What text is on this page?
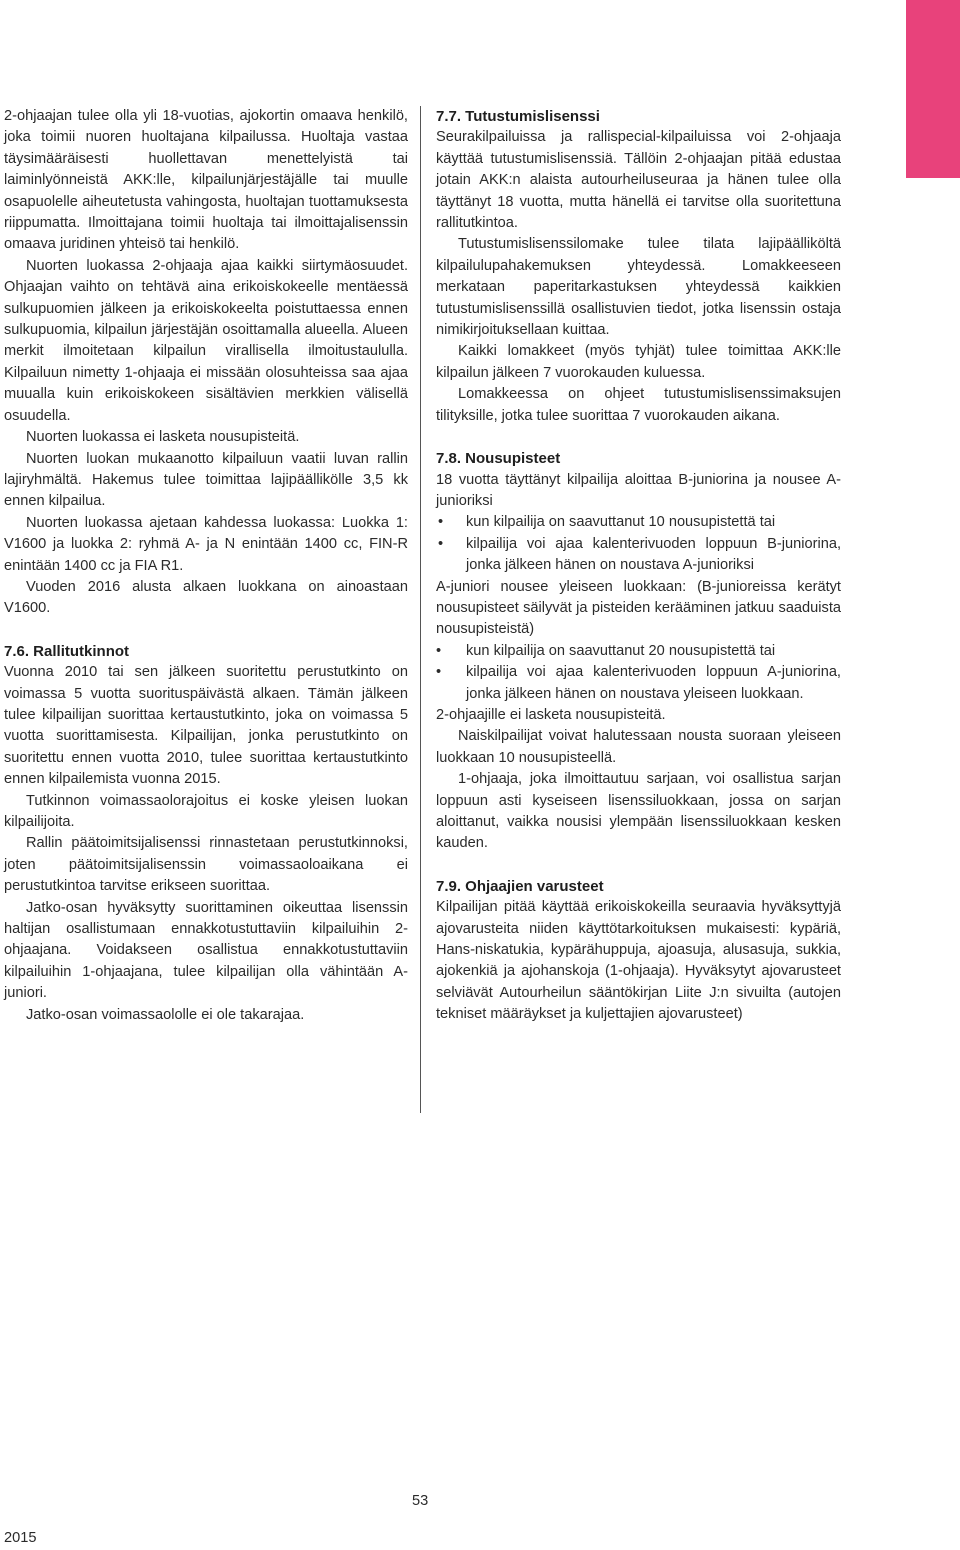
2-ohjaajan tulee olla yli 18-vuotias, ajokortin omaava henkilö, joka toimii nuoren huoltajana kilpailussa. Huoltaja vastaa täysimääräisesti huollettavan menettelyistä tai laiminlyönneistä AKK:lle, kilpailunjärjestäjälle tai muulle osapuolelle aiheutetusta vahingosta, huoltajan tuottamuksesta riippumatta. Ilmoittajana toimii huoltaja tai ilmoittajalisenssin omaava juridinen yhteisö tai henkilö.

Nuorten luokassa 2-ohjaaja ajaa kaikki siirtymäosuudet. Ohjaajan vaihto on tehtävä aina erikoiskokeelle mentäessä sulkupuomien jälkeen ja erikoiskokeelta poistuttaessa ennen sulkupuomia, kilpailun järjestäjän osoittamalla alueella. Alueen merkit ilmoitetaan kilpailun virallisella ilmoitustaululla. Kilpailuun nimetty 1-ohjaaja ei missään olosuhteissa saa ajaa muualla kuin erikoiskokeen sisältävien merkkien välisellä osuudella.

Nuorten luokassa ei lasketa nousupisteitä.

Nuorten luokan mukaanotto kilpailuun vaatii luvan rallin lajiryhmältä. Hakemus tulee toimittaa lajipäällikölle 3,5 kk ennen kilpailua.

Nuorten luokassa ajetaan kahdessa luokassa: Luokka 1: V1600 ja luokka 2: ryhmä A- ja N enintään 1400 cc, FIN-R enintään 1400 cc ja FIA R1.

Vuoden 2016 alusta alkaen luokkana on ainoastaan V1600.

7.6. Rallitutkinnot

Vuonna 2010 tai sen jälkeen suoritettu perustutkinto on voimassa 5 vuotta suorituspäivästä alkaen. Tämän jälkeen tulee kilpailijan suorittaa kertaustutkinto, joka on voimassa 5 vuotta suorittamisesta. Kilpailijan, jonka perustutkinto on suoritettu ennen vuotta 2010, tulee suorittaa kertaustutkinto ennen kilpailemista vuonna 2015.

Tutkinnon voimassaolorajoitus ei koske yleisen luokan kilpailijoita.

Rallin päätoimitsijalisenssi rinnastetaan perustutkinnoksi, joten päätoimitsijalisenssin voimassaoloaikana ei perustutkintoa tarvitse erikseen suorittaa.

Jatko-osan hyväksytty suorittaminen oikeuttaa lisenssin haltijan osallistumaan ennakkotustuttaviin kilpailuihin 2-ohjaajana. Voidakseen osallistua ennakkotustuttaviin kilpailuihin 1-ohjaajana, tulee kilpailijan olla vähintään A-juniori.

Jatko-osan voimassaololle ei ole takarajaa.

7.7. Tutustumislisenssi

Seurakilpailuissa ja rallispecial-kilpailuissa voi 2-ohjaaja käyttää tutustumislisenssiä. Tällöin 2-ohjaajan pitää edustaa jotain AKK:n alaista autourheiluseuraa ja hänen tulee olla täyttänyt 18 vuotta, mutta hänellä ei tarvitse olla suoritettuna rallitutkintoa.

Tutustumislisenssilomake tulee tilata lajipäälliköltä kilpailulupahakemuksen yhteydessä. Lomakkeeseen merkataan paperitarkastuksen yhteydessä kaikkien tutustumislisenssillä osallistuvien tiedot, jotka lisenssin ostaja nimikirjoituksellaan kuittaa.

Kaikki lomakkeet (myös tyhjät) tulee toimittaa AKK:lle kilpailun jälkeen 7 vuorokauden kuluessa.

Lomakkeessa on ohjeet tutustumislisenssimaksujen tilityksille, jotka tulee suorittaa 7 vuorokauden aikana.

7.8. Nousupisteet

18 vuotta täyttänyt kilpailija aloittaa B-juniorina ja nousee A-junioriksi

• kun kilpailija on saavuttanut 10 nousupistettä tai
• kilpailija voi ajaa kalenterivuoden loppuun B-juniorina, jonka jälkeen hänen on noustava A-junioriksi

A-juniori nousee yleiseen luokkaan: (B-junioreissa kerätyt nousupisteet säilyvät ja pisteiden kerääminen jatkuu saaduista nousupisteistä)

• kun kilpailija on saavuttanut 20 nousupistettä tai
• kilpailija voi ajaa kalenterivuoden loppuun A-juniorina, jonka jälkeen hänen on noustava yleiseen luokkaan.

2-ohjaajille ei lasketa nousupisteitä.

Naiskilpailijat voivat halutessaan nousta suoraan yleiseen luokkaan 10 nousupisteellä.

1-ohjaaja, joka ilmoittautuu sarjaan, voi osallistua sarjan loppuun asti kyseiseen lisenssiluokkaan, jossa on sarjan aloittanut, vaikka nousisi ylempään lisenssiluokkaan kesken kauden.

7.9. Ohjaajien varusteet

Kilpailijan pitää käyttää erikoiskokeilla seuraavia hyväksyttyjä ajovarusteita niiden käyttötarkoituksen mukaisesti: kypäriä, Hans-niskatukia, kypärähuppuja, ajoasuja, alusasuja, sukkia, ajokenkiä ja ajohanskoja (1-ohjaaja). Hyväksytyt ajovarusteet selviävät Autourheilun sääntökirjan Liite J:n sivuilta (autojen tekniset määräykset ja kuljettajien ajovarusteet)

53
2015
